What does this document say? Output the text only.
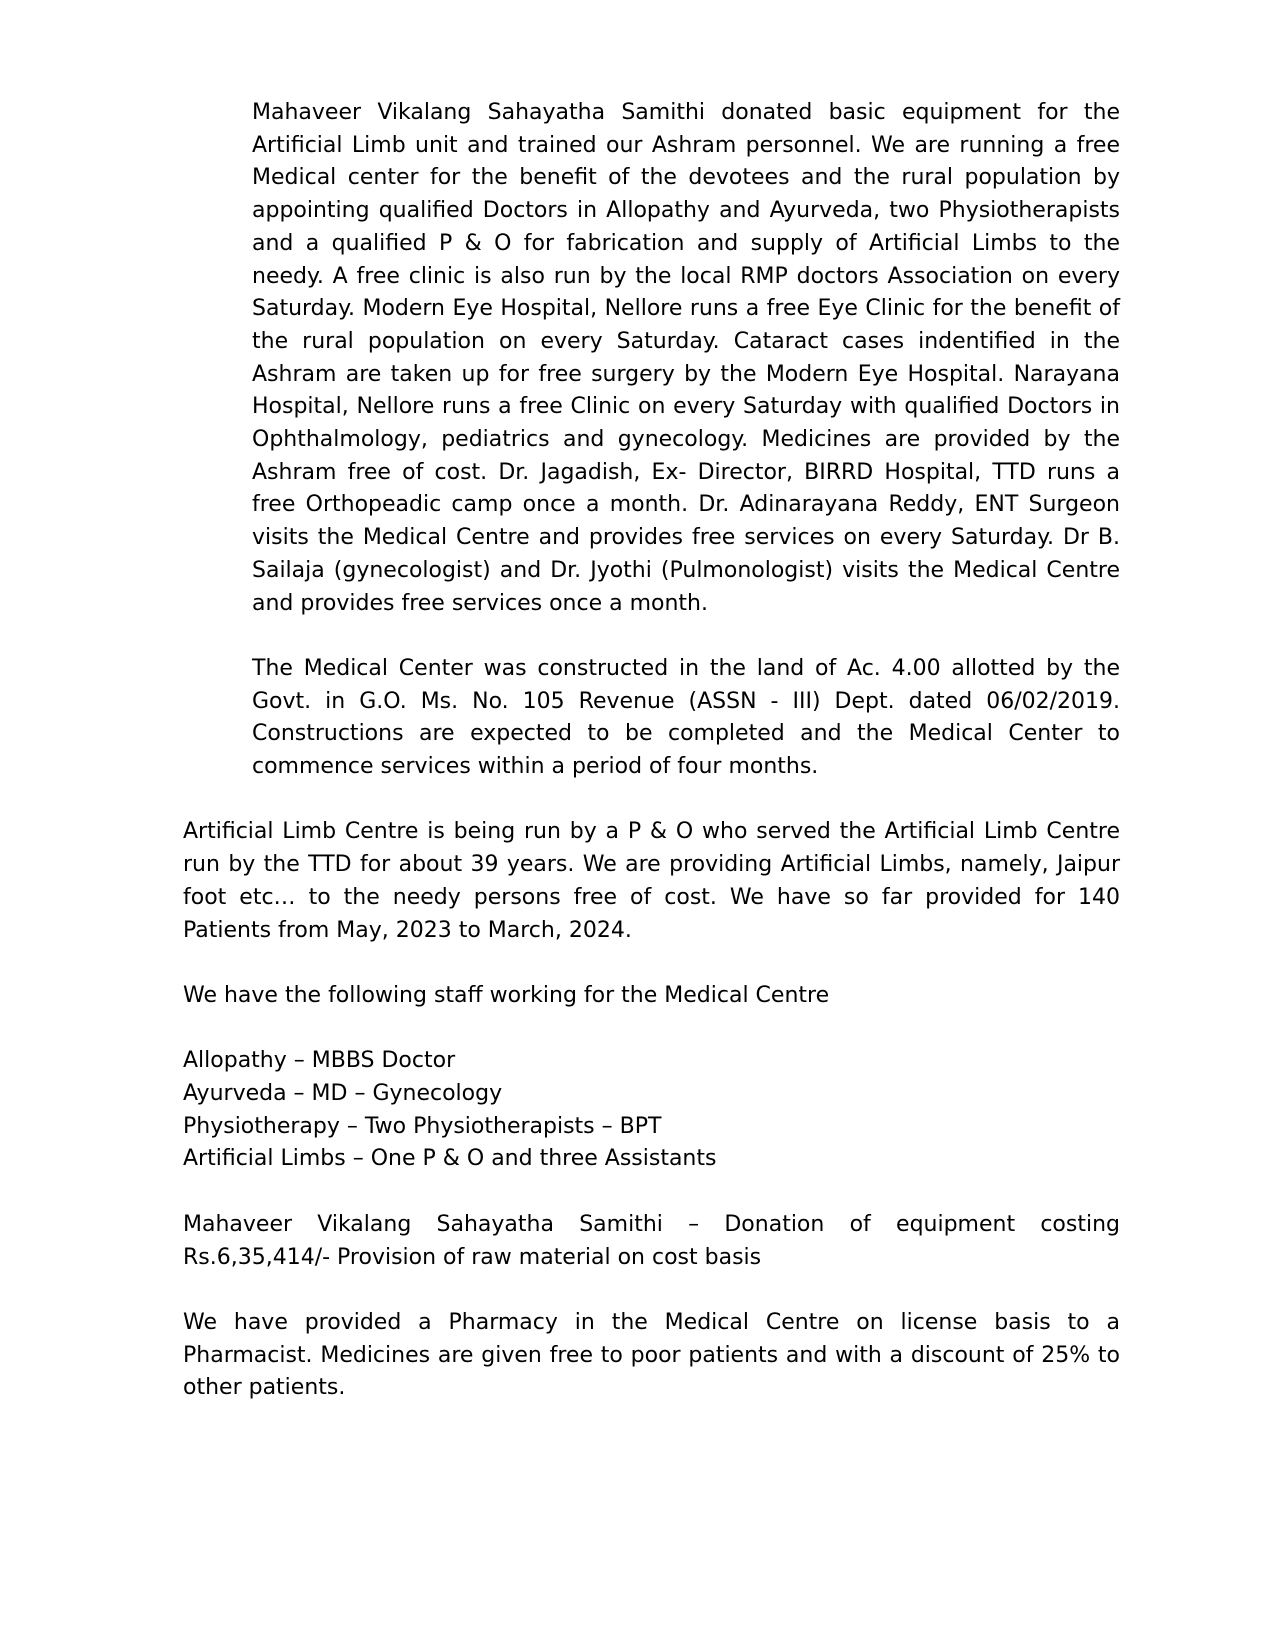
Mahaveer Vikalang Sahayatha Samithi donated basic equipment for the Artificial Limb unit and trained our Ashram personnel. We are running a free Medical center for the benefit of the devotees and the rural population by appointing qualified Doctors in Allopathy and Ayurveda, two Physiotherapists and a qualified P & O for fabrication and supply of Artificial Limbs to the needy. A free clinic is also run by the local RMP doctors Association on every Saturday. Modern Eye Hospital, Nellore runs a free Eye Clinic for the benefit of the rural population on every Saturday. Cataract cases indentified in the Ashram are taken up for free surgery by the Modern Eye Hospital. Narayana Hospital, Nellore runs a free Clinic on every Saturday with qualified Doctors in Ophthalmology, pediatrics and gynecology. Medicines are provided by the Ashram free of cost. Dr. Jagadish, Ex- Director, BIRRD Hospital, TTD runs a free Orthopeadic camp once a month. Dr. Adinarayana Reddy, ENT Surgeon visits the Medical Centre and provides free services on every Saturday. Dr B. Sailaja (gynecologist) and Dr. Jyothi (Pulmonologist) visits the Medical Centre and provides free services once a month.

The Medical Center was constructed in the land of Ac. 4.00 allotted by the Govt. in G.O. Ms. No. 105 Revenue (ASSN - III) Dept. dated 06/02/2019. Constructions are expected to be completed and the Medical Center to commence services within a period of four months.

Artificial Limb Centre is being run by a P & O who served the Artificial Limb Centre run by the TTD for about 39 years. We are providing Artificial Limbs, namely, Jaipur foot etc… to the needy persons free of cost. We have so far provided for 140 Patients from May, 2023 to March, 2024.

We have the following staff working for the Medical Centre

Allopathy – MBBS Doctor

Ayurveda – MD – Gynecology

Physiotherapy – Two Physiotherapists – BPT

Artificial Limbs – One P & O and three Assistants

Mahaveer Vikalang Sahayatha Samithi – Donation of equipment costing Rs.6,35,414/- Provision of raw material on cost basis

We have provided a Pharmacy in the Medical Centre on license basis to a Pharmacist. Medicines are given free to poor patients and with a discount of 25% to other patients.
